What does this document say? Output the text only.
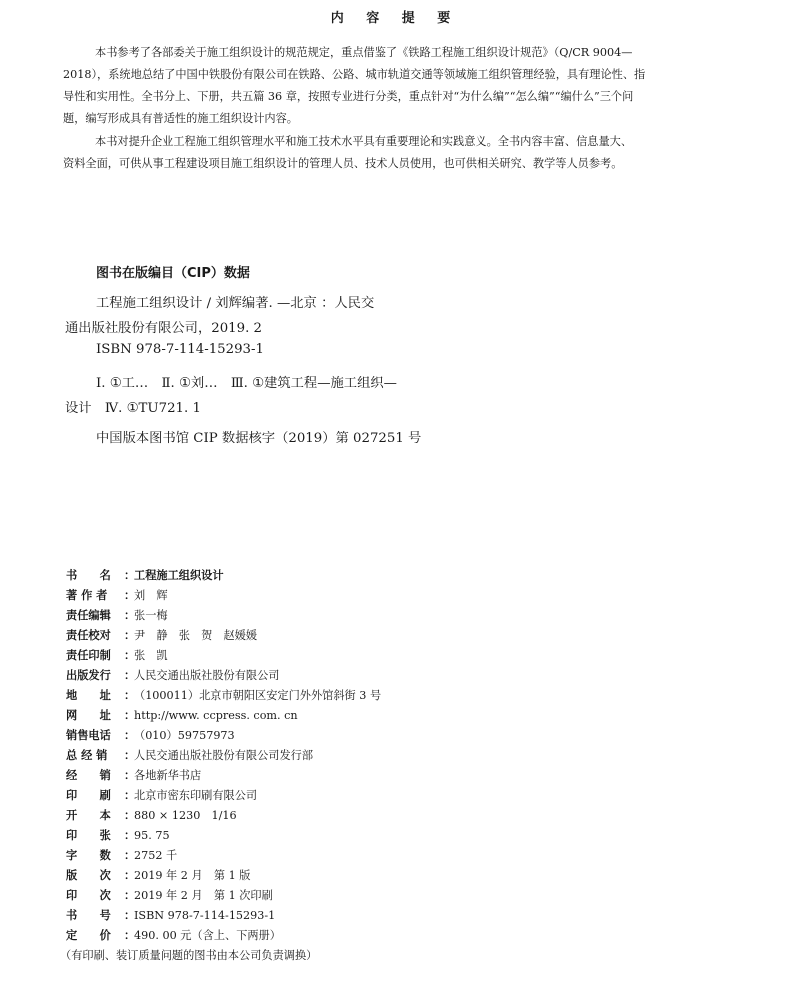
内 容 提 要
本书参考了各部委关于施工组织设计的规范规定，重点借鉴了《铁路工程施工组织设计规范》（Q/CR 9004—
2018），系统地总结了中国中铁股份有限公司在铁路、公路、城市轨道交通等领域施工组织管理经验，具有理论性、指
导性和实用性。全书分上、下册，共五篇 36 章，按照专业进行分类，重点针对“为什么编”“怎么编”“编什么”三个问
题，编写形成具有普适性的施工组织设计内容。
本书对提升企业工程施工组织管理水平和施工技术水平具有重要理论和实践意义。全书内容丰富、信息量大、
资料全面，可供从事工程建设项目施工组织设计的管理人员、技术人员使用，也可供相关研究、教学等人员参考。
图书在版编目（CIP）数据
工程施工组织设计 / 刘辉编著. —北京 ：人民交
通出版社股份有限公司，2019. 2
ISBN 978-7-114-15293-1
Ⅰ. ①工…　Ⅱ. ①刘…　Ⅲ. ①建筑工程—施工组织—
设计　Ⅳ. ①TU721. 1
中国版本图书馆 CIP 数据核字（2019）第 027251 号
书　　名 ：工程施工组织设计
著 作 者 ：刘　辉
责任编辑 ：张一梅
责任校对 ：尹　静　张　贺　赵媛媛
责任印制 ：张　凯
出版发行 ：人民交通出版社股份有限公司
地　　址 ：（100011）北京市朝阳区安定门外外馆斜街 3 号
网　　址 ：http://www. ccpress. com. cn
销售电话 ：（010）59757973
总 经 销 ：人民交通出版社股份有限公司发行部
经　　销 ：各地新华书店
印　　刷 ：北京市密东印刷有限公司
开　　本 ：880 × 1230　1/16
印　　张 ：95. 75
字　　数 ：2752 千
版　　次 ：2019 年 2 月　第 1 版
印　　次 ：2019 年 2 月　第 1 次印刷
书　　号 ：ISBN 978-7-114-15293-1
定　　价 ：490. 00 元（含上、下两册）
（有印刷、装订质量问题的图书由本公司负责调换）
